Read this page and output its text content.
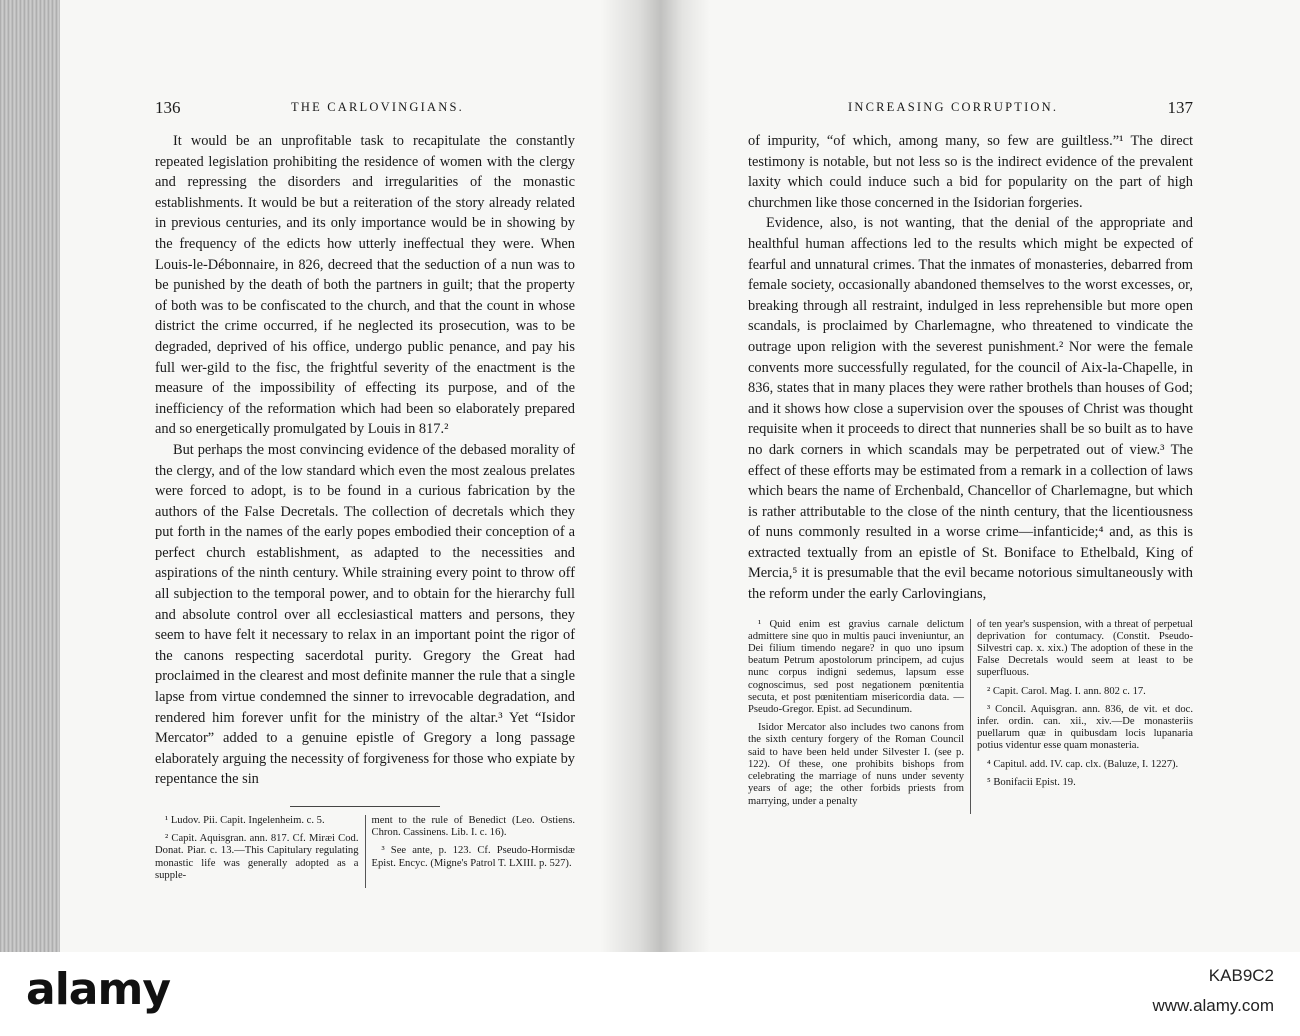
136	THE CARLOVINGIANS.

It would be an unprofitable task to recapitulate the constantly repeated legislation prohibiting the residence of women with the clergy and repressing the disorders and irregularities of the monastic establishments. It would be but a reiteration of the story already related in previous centuries, and its only importance would be in showing by the frequency of the edicts how utterly ineffectual they were. When Louis-le-Débonnaire, in 826, decreed that the seduction of a nun was to be punished by the death of both the partners in guilt; that the property of both was to be confiscated to the church, and that the count in whose district the crime occurred, if he neglected its prosecution, was to be degraded, deprived of his office, undergo public penance, and pay his full wer-gild to the fisc, the frightful severity of the enactment is the measure of the impossibility of effecting its purpose, and of the inefficiency of the reformation which had been so elaborately prepared and so energetically promulgated by Louis in 817.²

But perhaps the most convincing evidence of the debased morality of the clergy, and of the low standard which even the most zealous prelates were forced to adopt, is to be found in a curious fabrication by the authors of the False Decretals. The collection of decretals which they put forth in the names of the early popes embodied their conception of a perfect church establishment, as adapted to the necessities and aspirations of the ninth century. While straining every point to throw off all subjection to the temporal power, and to obtain for the hierarchy full and absolute control over all ecclesiastical matters and persons, they seem to have felt it necessary to relax in an important point the rigor of the canons respecting sacerdotal purity. Gregory the Great had proclaimed in the clearest and most definite manner the rule that a single lapse from virtue condemned the sinner to irrevocable degradation, and rendered him forever unfit for the ministry of the altar.³ Yet “Isidor Mercator” added to a genuine epistle of Gregory a long passage elaborately arguing the necessity of forgiveness for those who expiate by repentance the sin

¹ Ludov. Pii. Capit. Ingelenheim. c. 5.

² Capit. Aquisgran. ann. 817. Cf. Miræi Cod. Donat. Piar. c. 13.—This Capitulary regulating monastic life was generally adopted as a supple-

ment to the rule of Benedict (Leo. Ostiens. Chron. Cassinens. Lib. I. c. 16).

³ See ante, p. 123. Cf. Pseudo-Hormisdæ Epist. Encyc. (Migne's Patrol T. LXIII. p. 527).

INCREASING CORRUPTION.	137

of impurity, “of which, among many, so few are guiltless.”¹ The direct testimony is notable, but not less so is the indirect evidence of the prevalent laxity which could induce such a bid for popularity on the part of high churchmen like those concerned in the Isidorian forgeries.

Evidence, also, is not wanting, that the denial of the appropriate and healthful human affections led to the results which might be expected of fearful and unnatural crimes. That the inmates of monasteries, debarred from female society, occasionally abandoned themselves to the worst excesses, or, breaking through all restraint, indulged in less reprehensible but more open scandals, is proclaimed by Charlemagne, who threatened to vindicate the outrage upon religion with the severest punishment.² Nor were the female convents more successfully regulated, for the council of Aix-la-Chapelle, in 836, states that in many places they were rather brothels than houses of God; and it shows how close a supervision over the spouses of Christ was thought requisite when it proceeds to direct that nunneries shall be so built as to have no dark corners in which scandals may be perpetrated out of view.³ The effect of these efforts may be estimated from a remark in a collection of laws which bears the name of Erchenbald, Chancellor of Charlemagne, but which is rather attributable to the close of the ninth century, that the licentiousness of nuns commonly resulted in a worse crime—infanticide;⁴ and, as this is extracted textually from an epistle of St. Boniface to Ethelbald, King of Mercia,⁵ it is presumable that the evil became notorious simultaneously with the reform under the early Carlovingians,

¹ Quid enim est gravius carnale delictum admittere sine quo in multis pauci inveniuntur, an Dei filium timendo negare? in quo uno ipsum beatum Petrum apostolorum principem, ad cujus nunc corpus indigni sedemus, lapsum esse cognoscimus, sed post negationem pœnitentia secuta, et post pœnitentiam misericordia data. —Pseudo-Gregor. Epist. ad Secundinum.

Isidor Mercator also includes two canons from the sixth century forgery of the Roman Council said to have been held under Silvester I. (see p. 122). Of these, one prohibits bishops from celebrating the marriage of nuns under seventy years of age; the other forbids priests from marrying, under a penalty

of ten year's suspension, with a threat of perpetual deprivation for contumacy. (Constit. Pseudo-Silvestri cap. x. xix.) The adoption of these in the False Decretals would seem at least to be superfluous.

² Capit. Carol. Mag. I. ann. 802 c. 17.

³ Concil. Aquisgran. ann. 836, de vit. et doc. infer. ordin. can. xii., xiv.—De monasteriis puellarum quæ in quibusdam locis lupanaria potius videntur esse quam monasteria.

⁴ Capitul. add. IV. cap. clx. (Baluze, I. 1227).

⁵ Bonifacii Epist. 19.

alamy	KAB9C2
www.alamy.com
